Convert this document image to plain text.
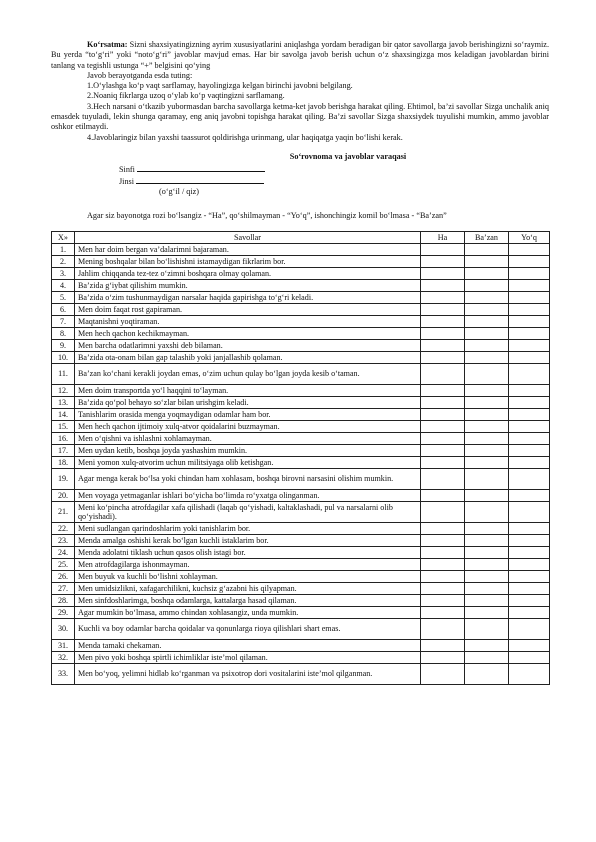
Ko‘rsatma: Sizni shaxsiyatingizning ayrim xususiyatlarini aniqlashga yordam beradigan bir qator savollarga javob berishingizni so‘raymiz. Bu yerda “to‘g‘ri” yoki “noto‘g‘ri” javoblar mavjud emas. Har bir savolga javob berish uchun o‘z shaxsingizga mos keladigan javoblardan birini tanlang va tegishli ustunga “+” belgisini qo‘ying

Javob berayotganda esda tuting:

1.O‘ylashga ko‘p vaqt sarflamay, hayolingizga kelgan birinchi javobni belgilang.

2.Noaniq fikrlarga uzoq o‘ylab ko‘p vaqtingizni sarflamang.

3.Hech narsani o‘tkazib yubormasdan barcha savollarga ketma-ket javob berishga harakat qiling. Ehtimol, ba’zi savollar Sizga unchalik aniq emasdek tuyuladi, lekin shunga qaramay, eng aniq javobni topishga harakat qiling. Ba’zi savollar Sizga shaxsiydek tuyulishi mumkin, ammo javoblar oshkor etilmaydi.

4.Javoblaringiz bilan yaxshi taassurot qoldirishga urinmang, ular haqiqatga yaqin bo‘lishi kerak.

So‘rovnoma va javoblar varaqasi

Sinfi
Jinsi
(o‘g‘il / qiz)

Agar siz bayonotga rozi bo‘lsangiz - “Ha”, qo‘shilmayman - “Yo‘q”, ishonchingiz komil bo‘lmasa - “Ba’zan”

X»	Savollar	Ha	Ba’zan	Yo‘q
1.	Men har doim bergan va’dalarimni bajaraman.			
2.	Mening boshqalar bilan bo‘lishishni istamaydigan fikrlarim bor.			
3.	Jahlim chiqqanda tez-tez o‘zimni boshqara olmay qolaman.			
4.	Ba’zida g‘iybat qilishim mumkin.			
5.	Ba’zida o‘zim tushunmaydigan narsalar haqida gapirishga to‘g‘ri keladi.			
6.	Men doim faqat rost gapiraman.			
7.	Maqtanishni yoqtiraman.			
8.	Men hech qachon kechikmayman.			
9.	Men barcha odatlarimni yaxshi deb bilaman.			
10.	Ba’zida ota-onam bilan gap talashib yoki janjallashib qolaman.			
11.	Ba’zan ko‘chani kerakli joydan emas, o‘zim uchun qulay bo‘lgan joyda kesib o‘taman.			
12.	Men doim transportda yo‘l haqqini to‘layman.			
13.	Ba’zida qo‘pol behayo so‘zlar bilan urishgim keladi.			
14.	Tanishlarim orasida menga yoqmaydigan odamlar ham bor.			
15.	Men hech qachon ijtimoiy xulq-atvor qoidalarini buzmayman.			
16.	Men o‘qishni va ishlashni xohlamayman.			
17.	Men uydan ketib, boshqa joyda yashashim mumkin.			
18.	Meni yomon xulq-atvorim uchun militsiyaga olib ketishgan.			
19.	Agar menga kerak bo‘lsa yoki chindan ham xohlasam, boshqa birovni narsasini olishim mumkin.			
20.	Men voyaga yetmaganlar ishlari bo‘yicha bo‘limda ro‘yxatga olinganman.			
21.	Meni ko‘pincha atrofdagilar xafa qilishadi (laqab qo‘yishadi, kaltaklashadi, pul va narsalarni olib qo‘yishadi).			
22.	Meni sudlangan qarindoshlarim yoki tanishlarim bor.			
23.	Menda amalga oshishi kerak bo‘lgan kuchli istaklarim bor.			
24.	Menda adolatni tiklash uchun qasos olish istagi bor.			
25.	Men atrofdagilarga ishonmayman.			
26.	Men buyuk va kuchli bo‘lishni xohlayman.			
27.	Men umidsizlikni, xafagarchilikni, kuchsiz g‘azabni his qilyapman.			
28.	Men sinfdoshlarimga, boshqa odamlarga, kattalarga hasad qilaman.			
29.	Agar mumkin bo‘lmasa, ammo chindan xohlasangiz, unda mumkin.			
30.	Kuchli va boy odamlar barcha qoidalar va qonunlarga rioya qilishlari shart emas.			
31.	Menda tamaki chekaman.			
32.	Men pivo yoki boshqa spirtli ichimliklar iste’mol qilaman.			
33.	Men bo‘yoq, yelimni hidlab ko‘rganman va psixotrop dori vositalarini iste’mol qilganman.			
